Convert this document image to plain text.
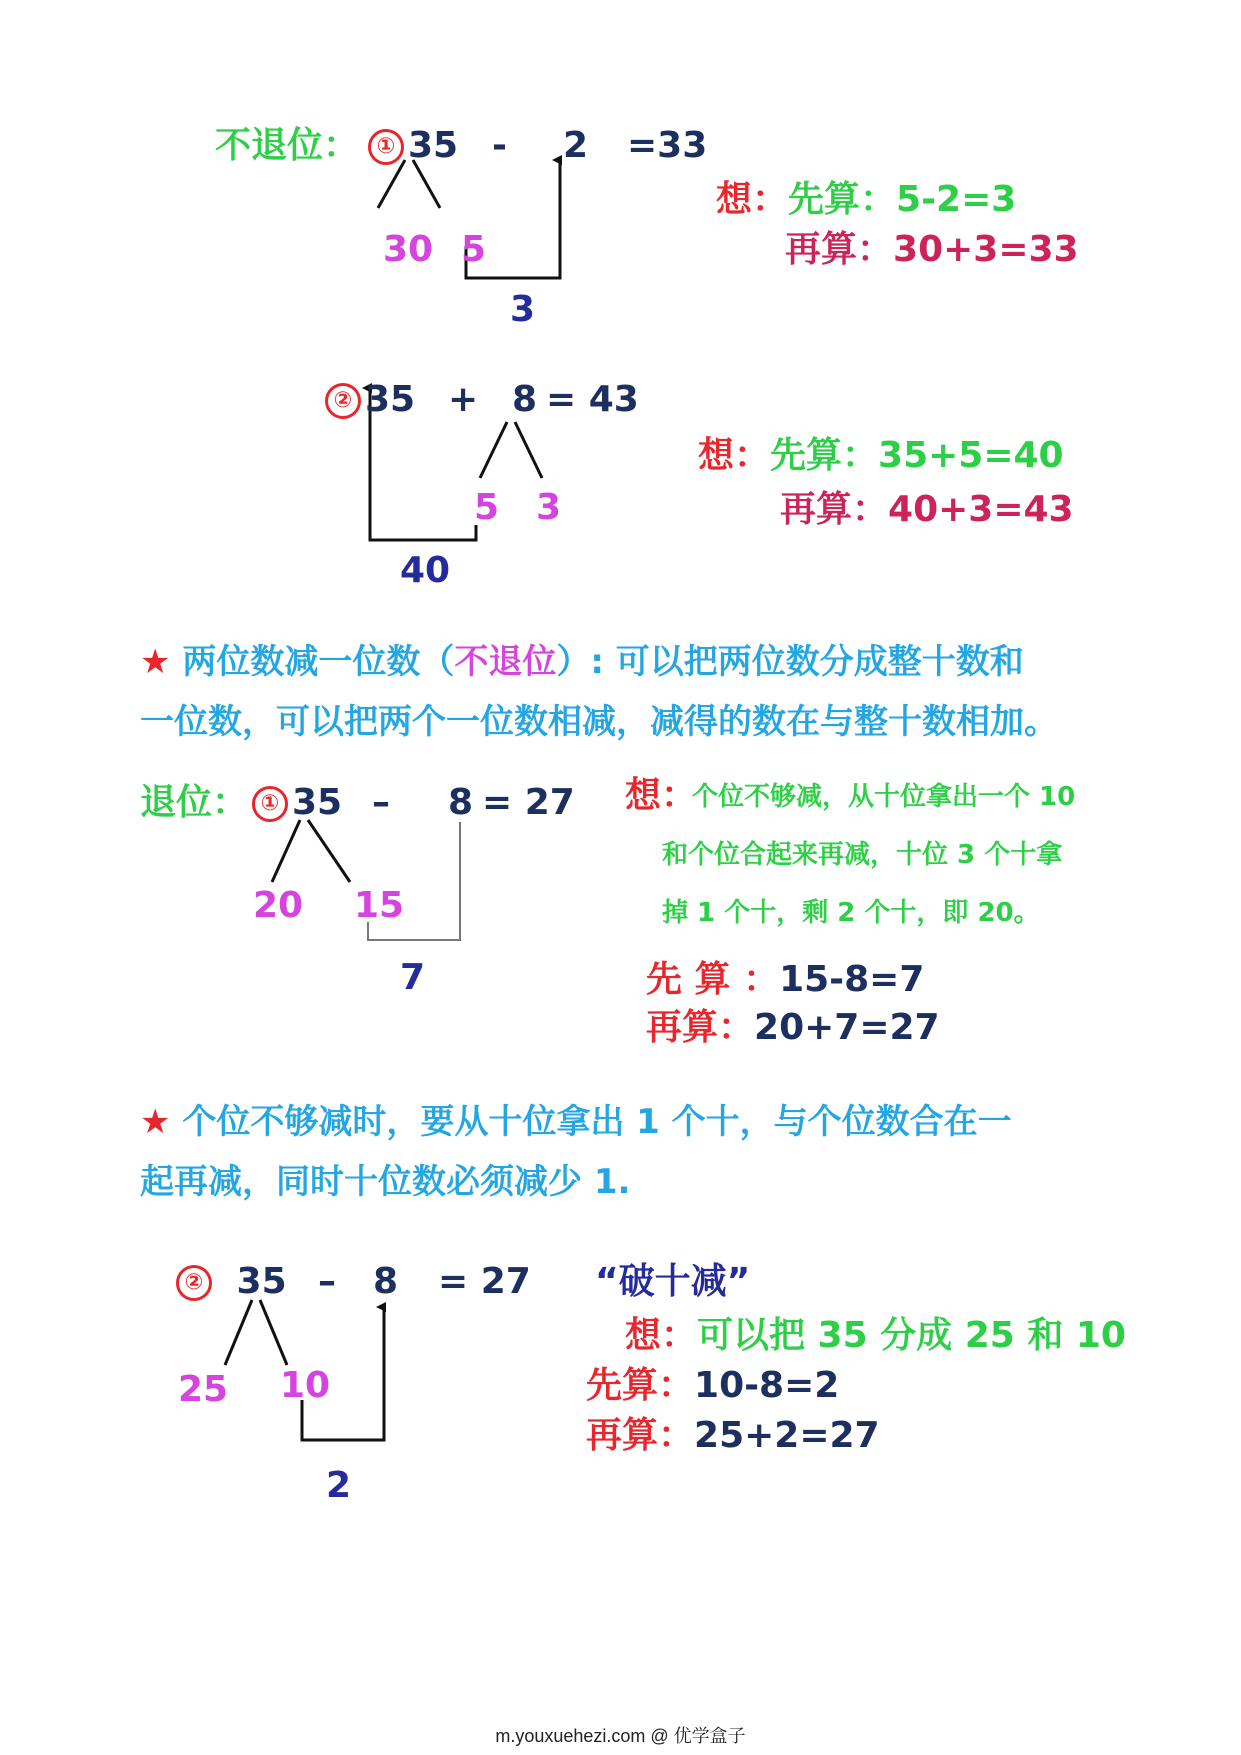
不退位： ① 35 - 2 =33
30 5
3
想：先算：5-2=3
再算：30+3=33
② 35 + 8 = 43
5 3
40
想：先算：35+5=40
再算：40+3=43
★ 两位数减一位数（不退位）: 可以把两位数分成整十数和
一位数，可以把两个一位数相减，减得的数在与整十数相加。
退位： ① 35 – 8 = 27
20 15
7
想：
个位不够减，从十位拿出一个 10
和个位合起来再减，十位 3 个十拿
掉 1 个十，剩 2 个十，即 20。
先 算 ：15-8=7
再算：20+7=27
★ 个位不够减时，要从十位拿出 1 个十，与个位数合在一
起再减，同时十位数必须减少 1.
② 35 – 8 = 27
25 10
2
“破十减”
想：可以把 35 分成 25 和 10
先算：10-8=2
再算：25+2=27
m.youxuehezi.com @ 优学盒子
